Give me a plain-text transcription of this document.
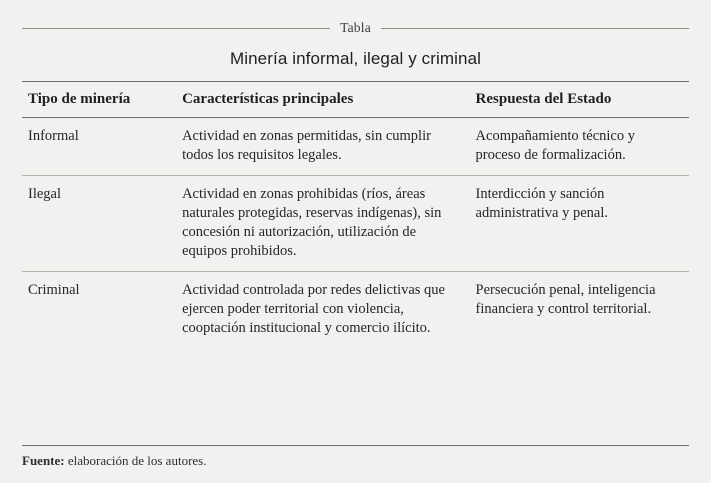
Tabla
Minería informal, ilegal y criminal
Tipo de minería	Características principales	Respuesta del Estado
Informal	Actividad en zonas permitidas, sin cumplir todos los requisitos legales.	Acompañamiento técnico y proceso de formalización.
Ilegal	Actividad en zonas prohibidas (ríos, áreas naturales protegidas, reservas indígenas), sin concesión ni autorización, utilización de equipos prohibidos.	Interdicción y sanción administrativa y penal.
Criminal	Actividad controlada por redes delictivas que ejercen poder territorial con violencia, cooptación institucional y comercio ilícito.	Persecución penal, inteligencia financiera y control territorial.
Fuente: elaboración de los autores.
